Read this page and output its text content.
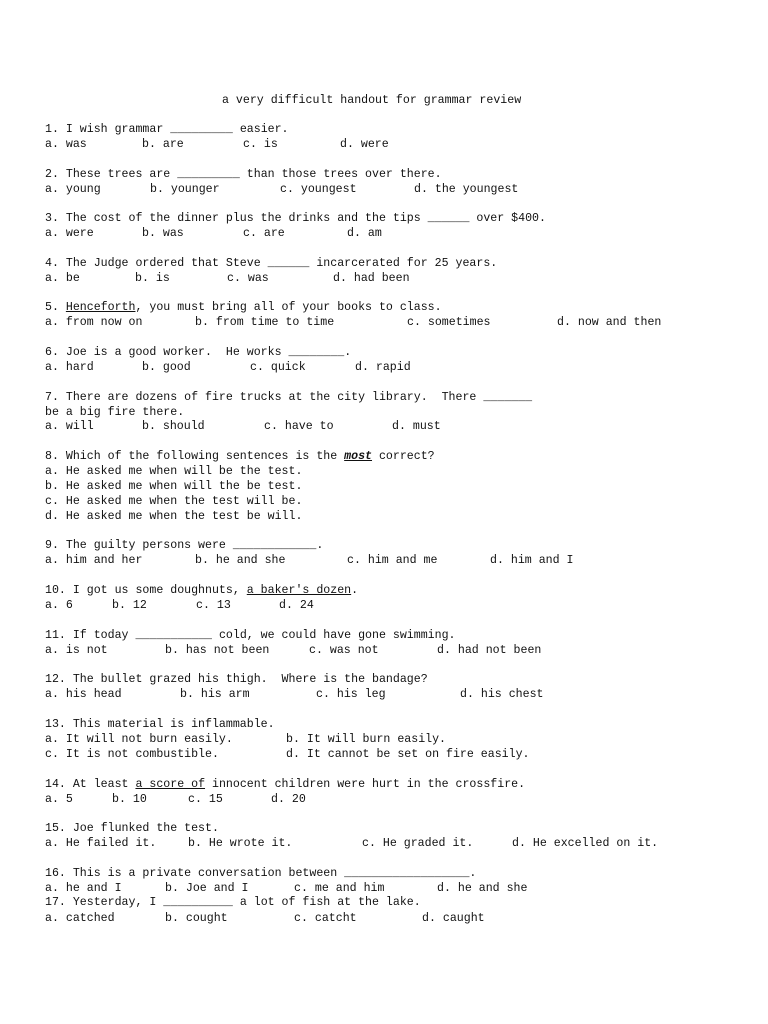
a very difficult handout for grammar review
1. I wish grammar _________ easier.
a. was	b. are	c. is	d. were
2. These trees are _________ than those trees over there.
a. young	b. younger	c. youngest	d. the youngest
3. The cost of the dinner plus the drinks and the tips ______ over $400.
a. were	b. was	c. are	d. am
4. The Judge ordered that Steve ______ incarcerated for 25 years.
a. be	b. is	c. was	d. had been
5. Henceforth, you must bring all of your books to class.
a. from now on	b. from time to time	c. sometimes	d. now and then
6. Joe is a good worker.  He works ________.
a. hard	b. good	c. quick	d. rapid
7. There are dozens of fire trucks at the city library.  There _______
be a big fire there.
a. will	b. should	c. have to	d. must
8. Which of the following sentences is the most correct?
a. He asked me when will be the test.
b. He asked me when will the be test.
c. He asked me when the test will be.
d. He asked me when the test be will.
9. The guilty persons were ____________.
a. him and her	b. he and she	c. him and me	d. him and I
10. I got us some doughnuts, a baker's dozen.
a. 6	b. 12	c. 13	d. 24
11. If today ___________ cold, we could have gone swimming.
a. is not	b. has not been	c. was not	d. had not been
12. The bullet grazed his thigh.  Where is the bandage?
a. his head	b. his arm	c. his leg	d. his chest
13. This material is inflammable.
a. It will not burn easily.	b. It will burn easily.
c. It is not combustible.	d. It cannot be set on fire easily.
14. At least a score of innocent children were hurt in the crossfire.
a. 5	b. 10	c. 15	d. 20
15. Joe flunked the test.
a. He failed it.	b. He wrote it.	c. He graded it.	d. He excelled on it.
16. This is a private conversation between __________________.
a. he and I	b. Joe and I	c. me and him	d. he and she
17. Yesterday, I __________ a lot of fish at the lake.
a. catched	b. cought	c. catcht	d. caught
